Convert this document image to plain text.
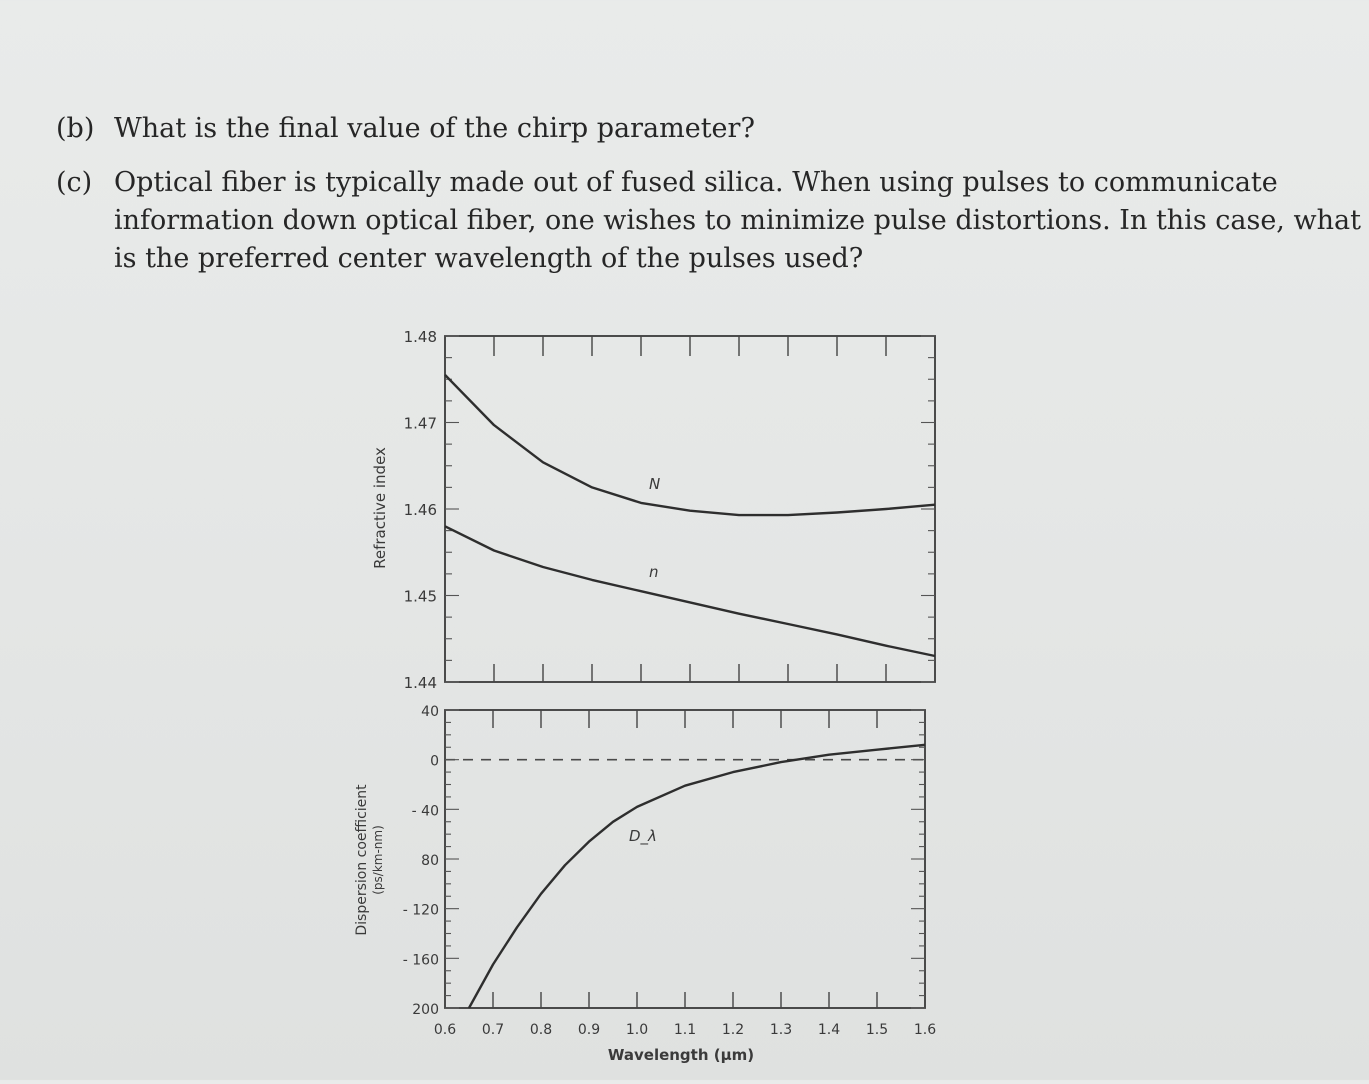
(b) What is the final value of the chirp parameter?
(c) Optical fiber is typically made out of fused silica. When using pulses to communicate
information down optical fiber, one wishes to minimize pulse distortions. In this case, what
is the preferred center wavelength of the pulses used?
1.48
1.47
1.46
1.45
1.44
Refractive index	N
n
40
0
- 40
80
- 120
- 160
200
0.6 0.7 0.8 0.9 1.0 1.1 1.2 1.3 1.4 1.5 1.6
Dispersion coefficient (ps/km-nm)
Wavelength (μm)
D_λ
